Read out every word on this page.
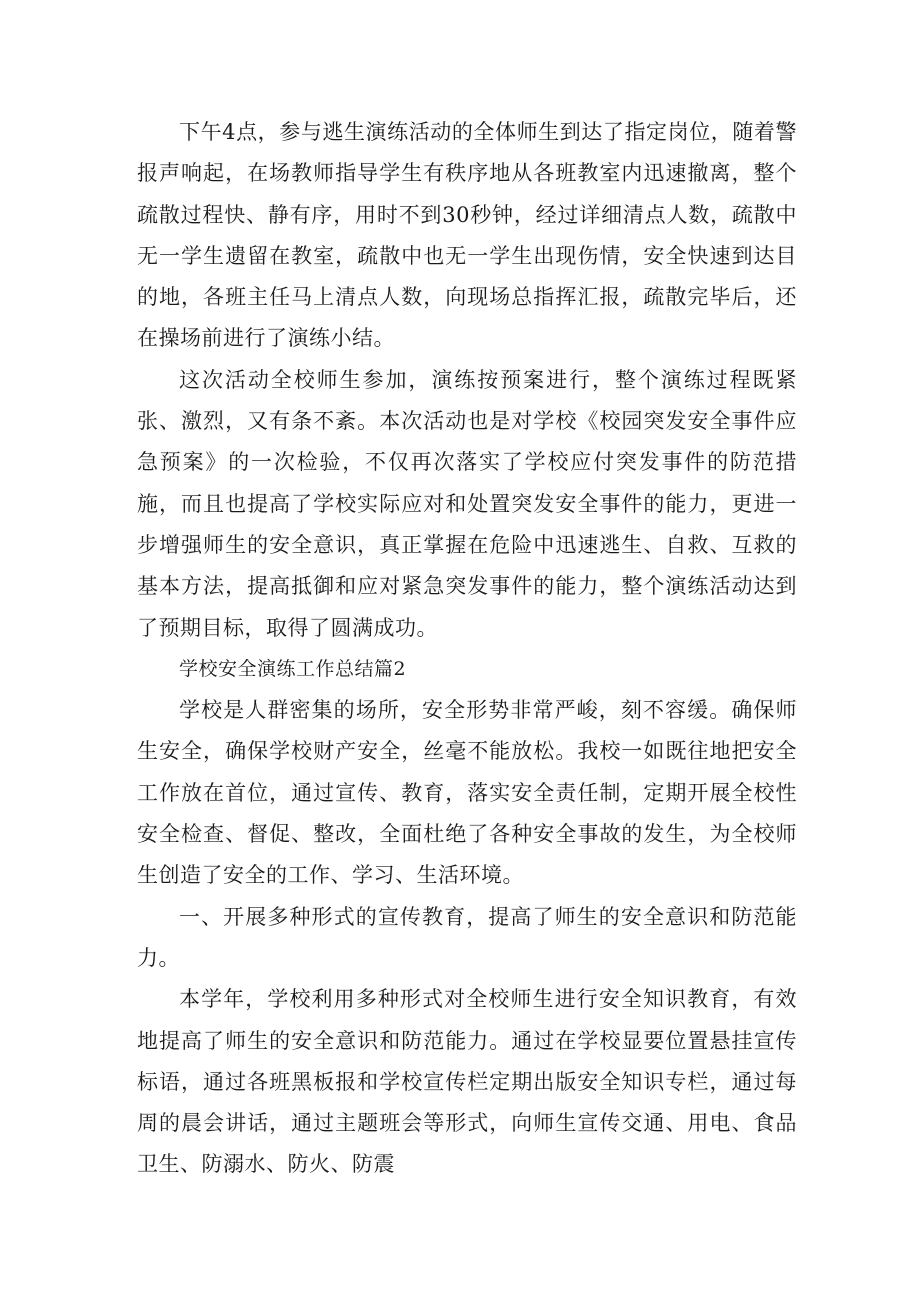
下午4点，参与逃生演练活动的全体师生到达了指定岗位，随着警报声响起，在场教师指导学生有秩序地从各班教室内迅速撤离，整个疏散过程快、静有序，用时不到30秒钟，经过详细清点人数，疏散中无一学生遗留在教室，疏散中也无一学生出现伤情，安全快速到达目的地，各班主任马上清点人数，向现场总指挥汇报，疏散完毕后，还在操场前进行了演练小结。

这次活动全校师生参加，演练按预案进行，整个演练过程既紧张、激烈，又有条不紊。本次活动也是对学校《校园突发安全事件应急预案》的一次检验，不仅再次落实了学校应付突发事件的防范措施，而且也提高了学校实际应对和处置突发安全事件的能力，更进一步增强师生的安全意识，真正掌握在危险中迅速逃生、自救、互救的基本方法，提高抵御和应对紧急突发事件的能力，整个演练活动达到了预期目标，取得了圆满成功。

学校安全演练工作总结篇2

学校是人群密集的场所，安全形势非常严峻，刻不容缓。确保师生安全，确保学校财产安全，丝毫不能放松。我校一如既往地把安全工作放在首位，通过宣传、教育，落实安全责任制，定期开展全校性安全检查、督促、整改，全面杜绝了各种安全事故的发生，为全校师生创造了安全的工作、学习、生活环境。

一、开展多种形式的宣传教育，提高了师生的安全意识和防范能力。

本学年，学校利用多种形式对全校师生进行安全知识教育，有效地提高了师生的安全意识和防范能力。通过在学校显要位置悬挂宣传标语，通过各班黑板报和学校宣传栏定期出版安全知识专栏，通过每周的晨会讲话，通过主题班会等形式，向师生宣传交通、用电、食品卫生、防溺水、防火、防震
